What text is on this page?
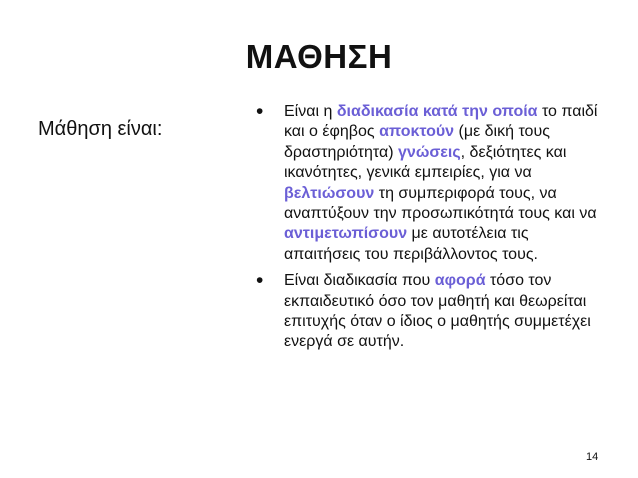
ΜΑΘΗΣΗ
Μάθηση είναι:
• Είναι η διαδικασία κατά την οποία το παιδί και ο έφηβος αποκτούν (με δική τους δραστηριότητα) γνώσεις, δεξιότητες και ικανότητες, γενικά εμπειρίες, για να βελτιώσουν τη συμπεριφορά τους, να αναπτύξουν την προσωπικότητά τους και να αντιμετωπίσουν με αυτοτέλεια τις απαιτήσεις του περιβάλλοντος τους.
• Είναι διαδικασία που αφορά τόσο τον εκπαιδευτικό όσο τον μαθητή και θεωρείται επιτυχής όταν ο ίδιος ο μαθητής συμμετέχει ενεργά σε αυτήν.
14
